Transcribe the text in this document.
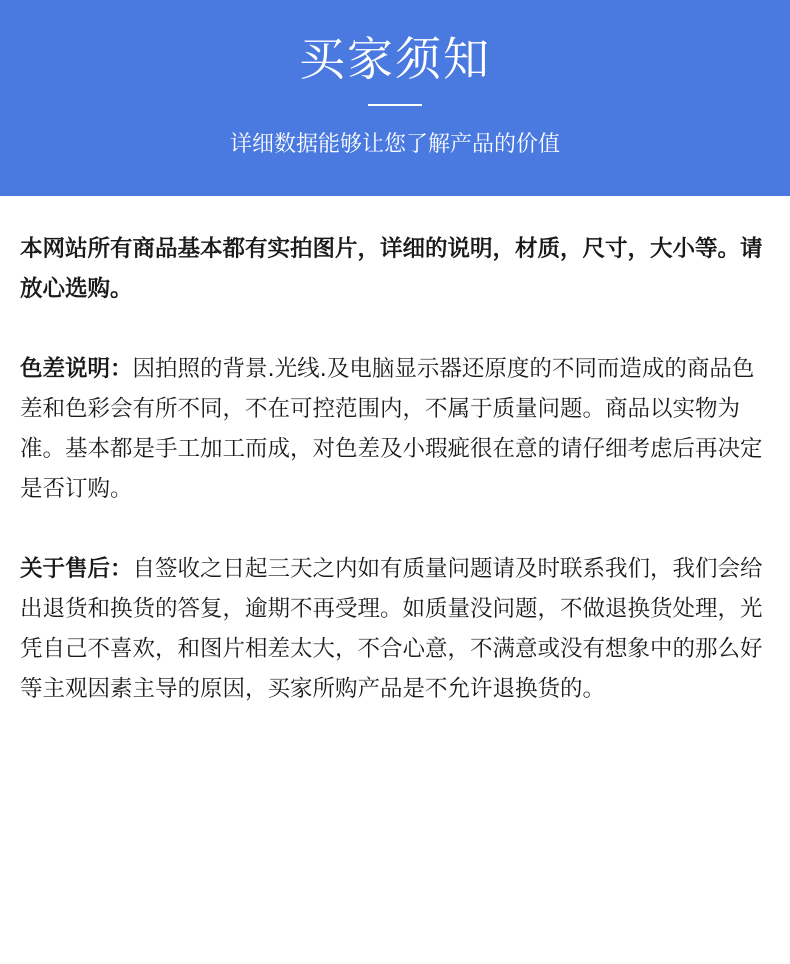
买家须知
详细数据能够让您了解产品的价值

本网站所有商品基本都有实拍图片，详细的说明，材质，尺寸，大小等。请放心选购。

色差说明：因拍照的背景.光线.及电脑显示器还原度的不同而造成的商品色差和色彩会有所不同，不在可控范围内，不属于质量问题。商品以实物为准。基本都是手工加工而成，对色差及小瑕疵很在意的请仔细考虑后再决定是否订购。

关于售后：自签收之日起三天之内如有质量问题请及时联系我们，我们会给出退货和换货的答复，逾期不再受理。如质量没问题，不做退换货处理，光凭自己不喜欢，和图片相差太大，不合心意，不满意或没有想象中的那么好等主观因素主导的原因，买家所购产品是不允许退换货的。
